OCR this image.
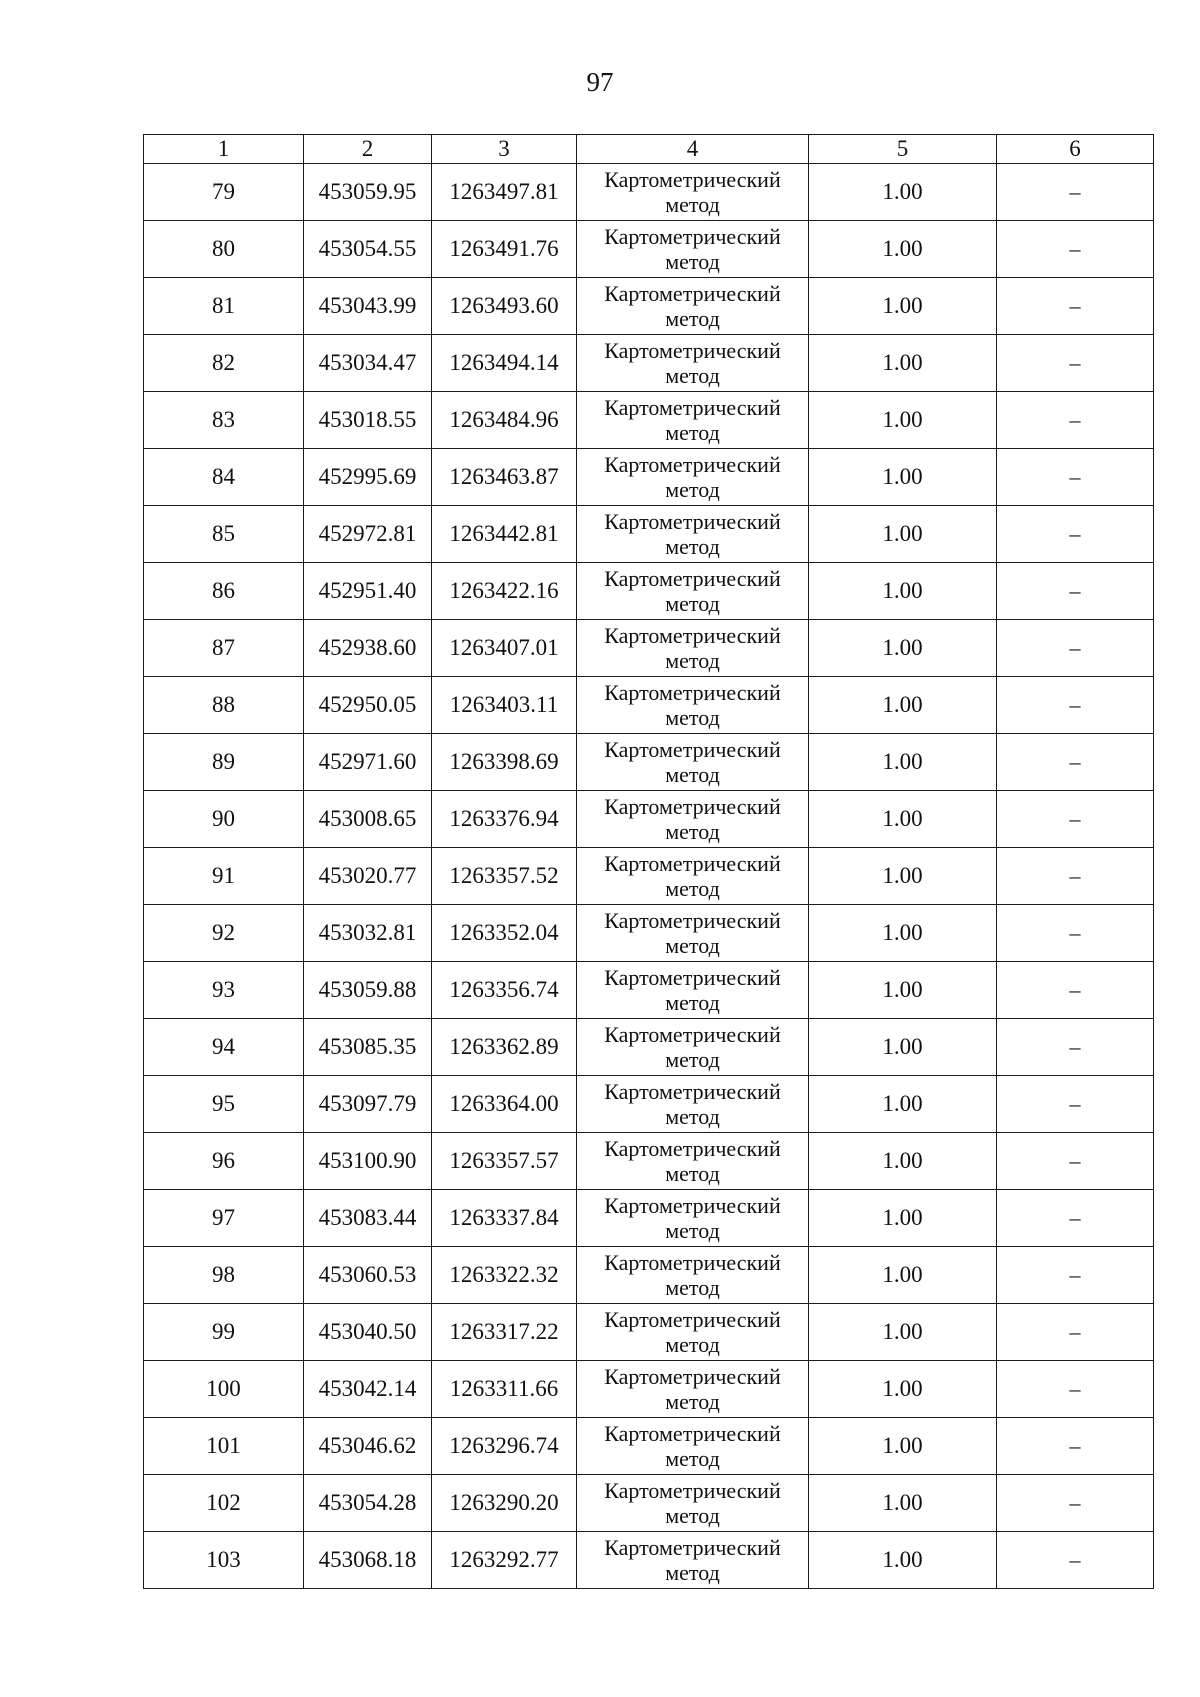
97
1	2	3	4	5	6
79	453059.95	1263497.81	Картометрический метод	1.00	–
80	453054.55	1263491.76	Картометрический метод	1.00	–
81	453043.99	1263493.60	Картометрический метод	1.00	–
82	453034.47	1263494.14	Картометрический метод	1.00	–
83	453018.55	1263484.96	Картометрический метод	1.00	–
84	452995.69	1263463.87	Картометрический метод	1.00	–
85	452972.81	1263442.81	Картометрический метод	1.00	–
86	452951.40	1263422.16	Картометрический метод	1.00	–
87	452938.60	1263407.01	Картометрический метод	1.00	–
88	452950.05	1263403.11	Картометрический метод	1.00	–
89	452971.60	1263398.69	Картометрический метод	1.00	–
90	453008.65	1263376.94	Картометрический метод	1.00	–
91	453020.77	1263357.52	Картометрический метод	1.00	–
92	453032.81	1263352.04	Картометрический метод	1.00	–
93	453059.88	1263356.74	Картометрический метод	1.00	–
94	453085.35	1263362.89	Картометрический метод	1.00	–
95	453097.79	1263364.00	Картометрический метод	1.00	–
96	453100.90	1263357.57	Картометрический метод	1.00	–
97	453083.44	1263337.84	Картометрический метод	1.00	–
98	453060.53	1263322.32	Картометрический метод	1.00	–
99	453040.50	1263317.22	Картометрический метод	1.00	–
100	453042.14	1263311.66	Картометрический метод	1.00	–
101	453046.62	1263296.74	Картометрический метод	1.00	–
102	453054.28	1263290.20	Картометрический метод	1.00	–
103	453068.18	1263292.77	Картометрический метод	1.00	–
